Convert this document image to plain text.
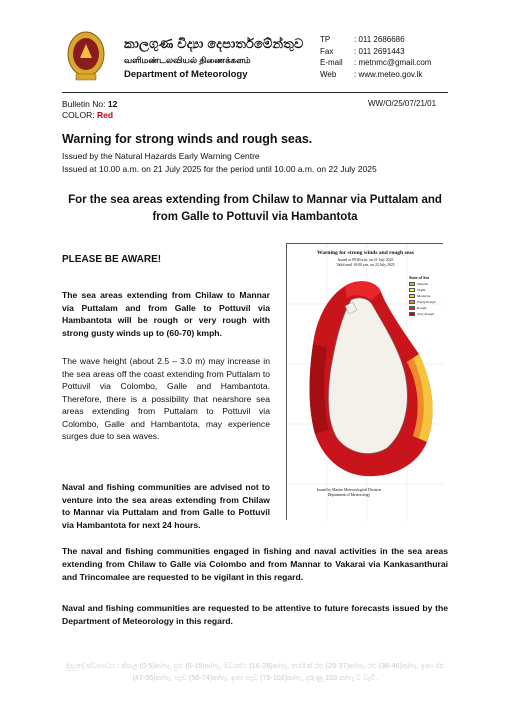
කාලගුණ විද්‍යා දෙපාර්තමේන්තුව
வளிமண்டலவியல் திணைக்களம்
Department of Meteorology
TP	: 011 2686686
Fax	: 011 2691443
E-mail	: metnmc@gmail.com
Web	: www.meteo.gov.lk
Bulletin No: 12
COLOR: Red
WW/O/25/07/21/01
Warning for strong winds and rough seas.
Issued by the Natural Hazards Early Warning Centre
Issued at 10.00 a.m. on 21 July 2025 for the period until 10.00 a.m. on 22 July 2025
For the sea areas extending from Chilaw to Mannar via Puttalam and from Galle to Pottuvil via Hambantota
PLEASE BE AWARE!
The sea areas extending from Chilaw to Mannar via Puttalam and from Galle to Pottuvil via Hambantota will be rough or very rough with strong gusty winds up to (60-70) kmph.
The wave height (about 2.5 – 3.0 m) may increase in the sea areas off the coast extending from Puttalam to Pottuvil via Colombo, Galle and Hambantota. Therefore, there is a possibility that nearshore sea areas extending from Puttalam to Pottuvil via Colombo, Galle and Hambantota, may experience surges due to sea waves.
Naval and fishing communities are advised not to venture into the sea areas extending from Chilaw to Mannar via Puttalam and from Galle to Pottuvil via Hambantota for next 24 hours.
Warning for strong winds and rough seas
Issued at 09:00 a.m. on 21 July 2025
Valid until 10:00 a.m. on 22 July 2025
State of Sea
Smooth
Slight
Moderate
Fairly Rough
Rough
Very Rough
Issued by Marine Meteorological Division
Department of Meteorology
The naval and fishing communities engaged in fishing and naval activities in the sea areas extending from Chilaw to Galle via Colombo and from Mannar to Vakarai via Kankasanthurai and Trincomalee are requested to be vigilant in this regard.
Naval and fishing communities are requested to be attentive to future forecasts issued by the Department of Meteorology in this regard.
මුහුදේ ස්වභාවය : නිසල (0-5)ක/පැ, සුළු (5-15)ක/පැ, මධ්‍යස්ථ (16-28)ක/පැ, තරමක් රළු (29-37)ක/පැ, රළු (38-46)ක/පැ, ඉතා රළු (47-55)ක/පැ, සැඩ (56-74)ක/පැ, ඉතා සැඩ (75-102)ක/පැ, දරුණු 103 ක/පැ ට වැඩි.
